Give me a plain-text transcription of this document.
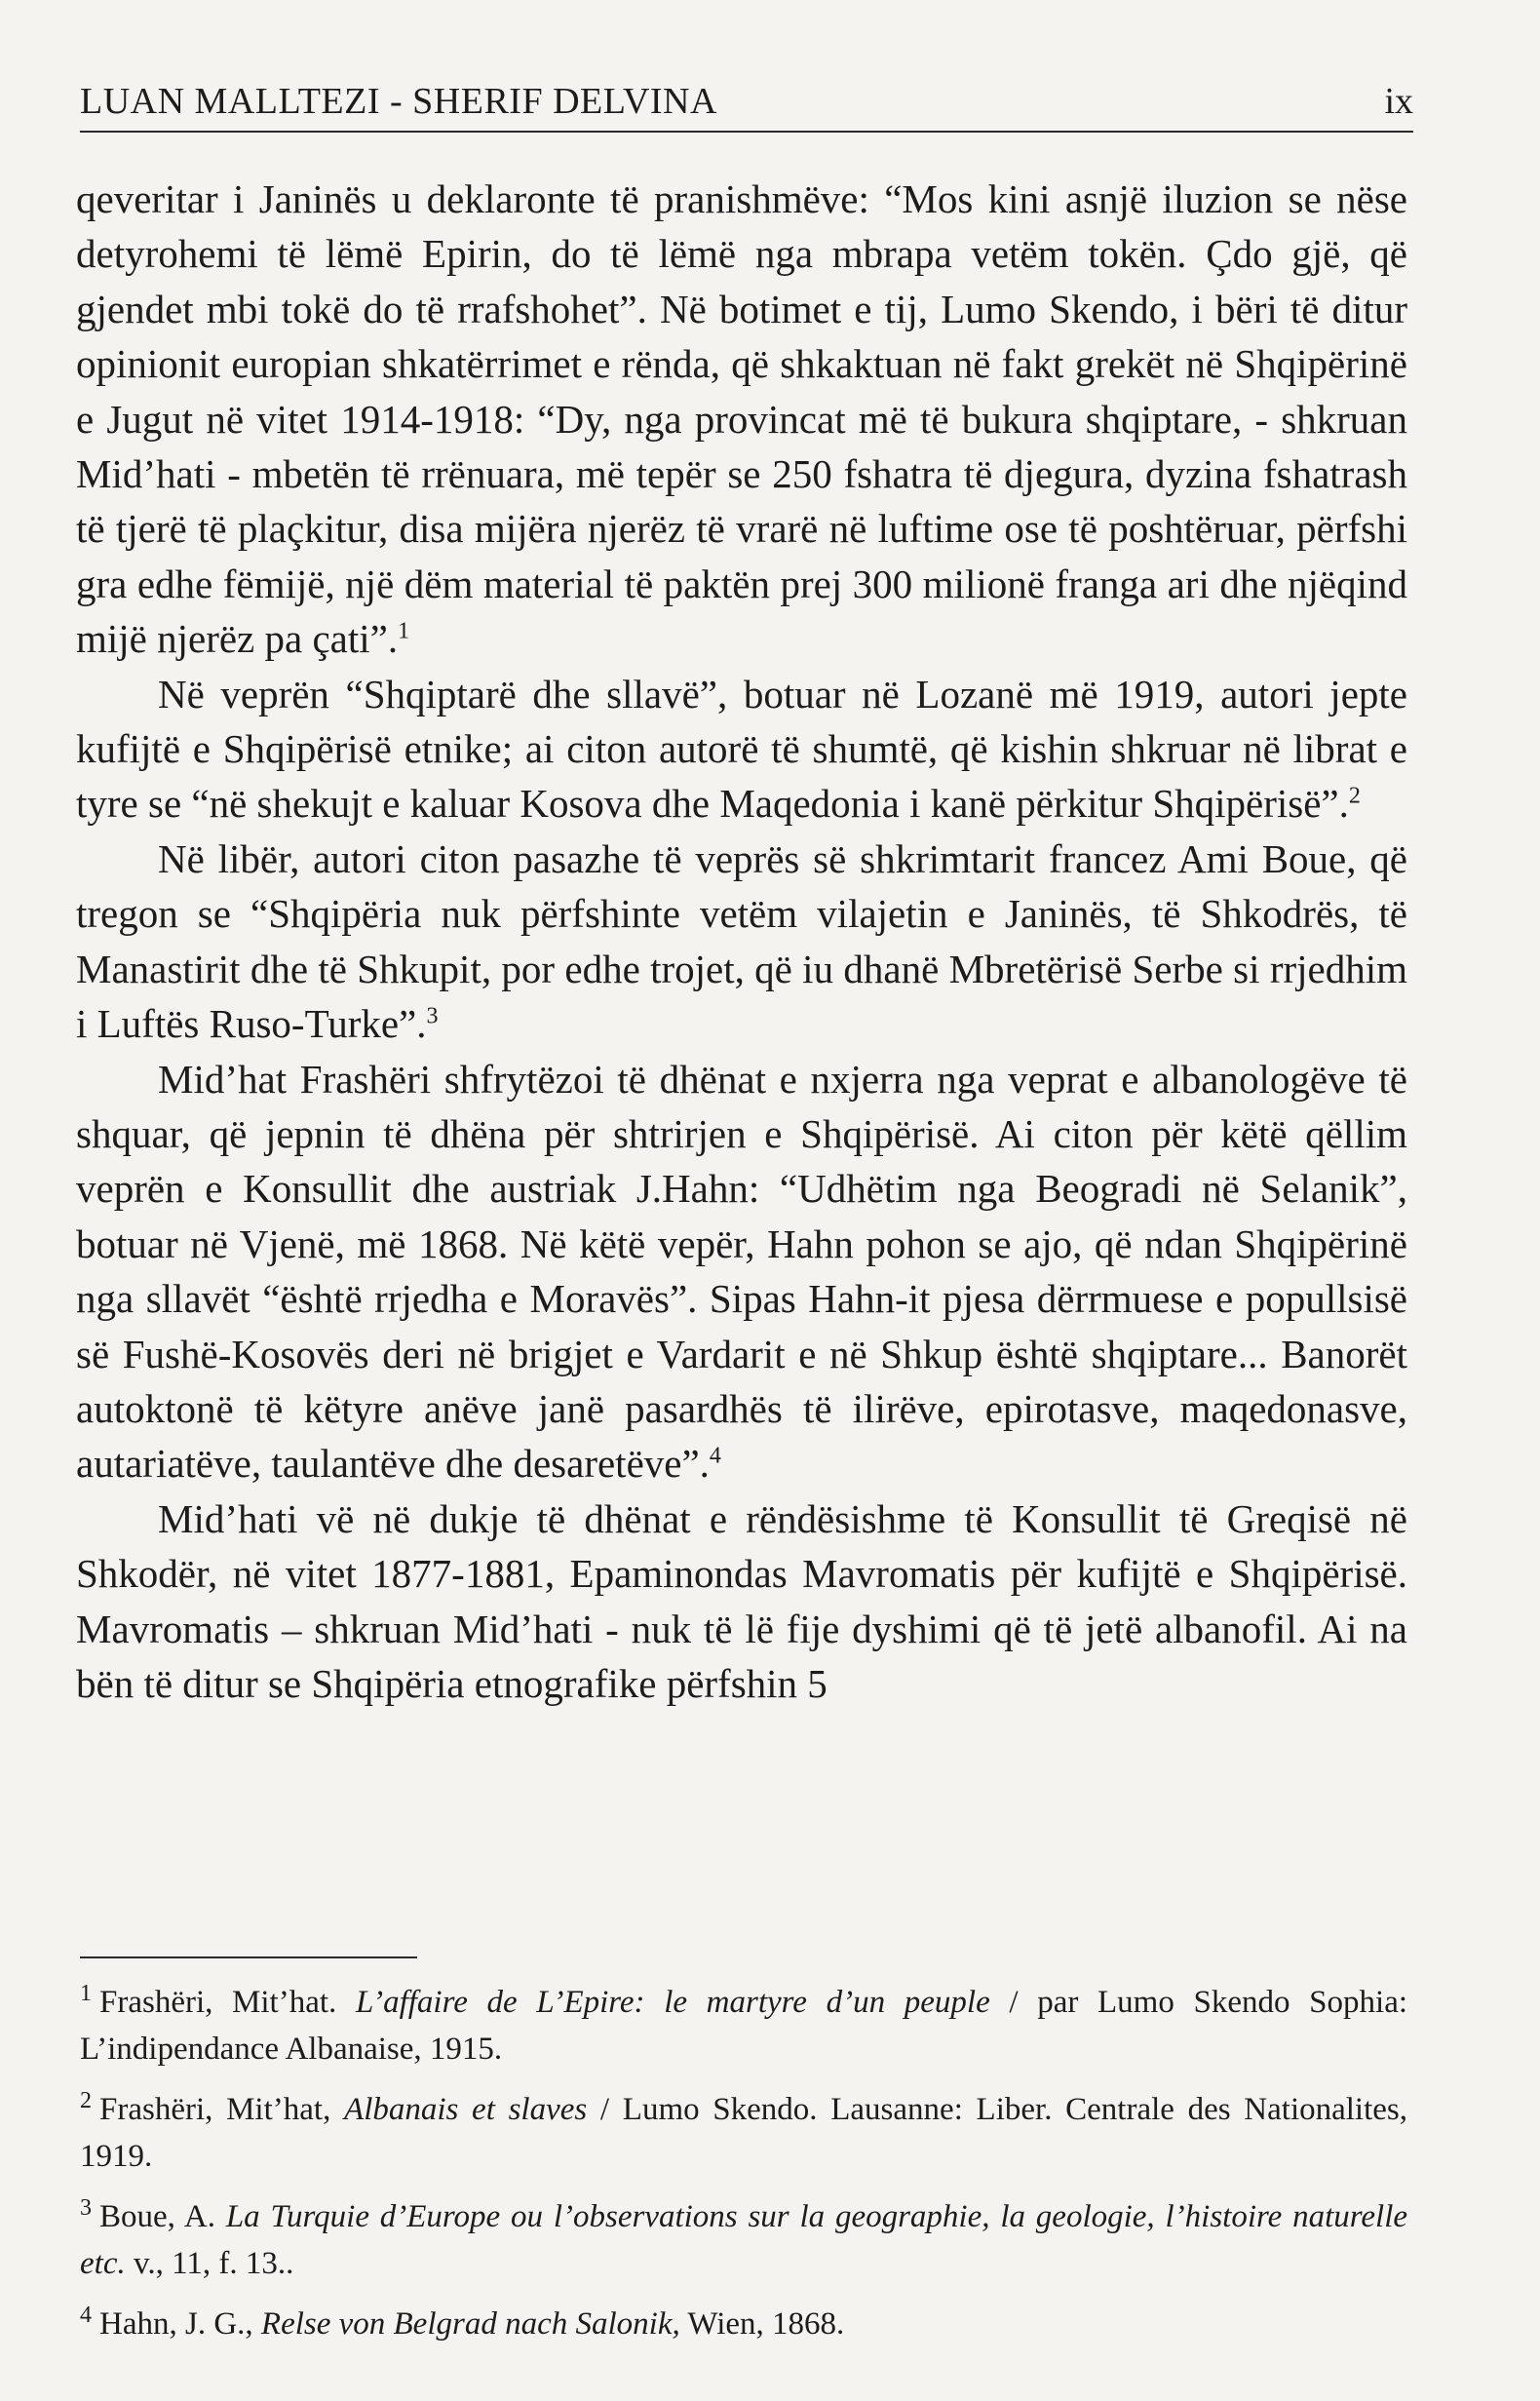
LUAN MALLTEZI - SHERIF DELVINA	ix

qeveritar i Janinës u deklaronte të pranishmëve: “Mos kini asnjë iluzion se nëse detyrohemi të lëmë Epirin, do të lëmë nga mbrapa vetëm tokën. Çdo gjë, që gjendet mbi tokë do të rrafshohet”. Në botimet e tij, Lumo Skendo, i bëri të ditur opinionit europian shkatërrimet e rënda, që shkaktuan në fakt grekët në Shqipërinë e Jugut në vitet 1914-1918: “Dy, nga provincat më të bukura shqiptare, - shkruan Mid’hati - mbetën të rrënuara, më tepër se 250 fshatra të djegura, dyzina fshatrash të tjerë të plaçkitur, disa mijëra njerëz të vrarë në luftime ose të poshtëruar, përfshi gra edhe fëmijë, një dëm material të paktën prej 300 milionë franga ari dhe njëqind mijë njerëz pa çati”.$^1$

Në veprën “Shqiptarë dhe sllavë”, botuar në Lozanë më 1919, autori jepte kufijtë e Shqipërisë etnike; ai citon autorë të shumtë, që kishin shkruar në librat e tyre se “në shekujt e kaluar Kosova dhe Maqedonia i kanë përkitur Shqipërisë”.$^2$

Në libër, autori citon pasazhe të veprës së shkrimtarit francez Ami Boue, që tregon se “Shqipëria nuk përfshinte vetëm vilajetin e Janinës, të Shkodrës, të Manastirit dhe të Shkupit, por edhe trojet, që iu dhanë Mbretërisë Serbe si rrjedhim i Luftës Ruso-Turke”.$^3$

Mid’hat Frashëri shfrytëzoi të dhënat e nxjerra nga veprat e albanologëve të shquar, që jepnin të dhëna për shtrirjen e Shqipërisë. Ai citon për këtë qëllim veprën e Konsullit dhe austriak J.Hahn: “Udhëtim nga Beogradi në Selanik”, botuar në Vjenë, më 1868. Në këtë vepër, Hahn pohon se ajo, që ndan Shqipërinë nga sllavët “është rrjedha e Moravës”. Sipas Hahn-it pjesa dërrmuese e popullsisë së Fushë-Kosovës deri në brigjet e Vardarit e në Shkup është shqiptare... Banorët autoktonë të këtyre anëve janë pasardhës të ilirëve, epirotasve, maqedonasve, autariatëve, taulantëve dhe desaretëve”.$^4$

Mid’hati vë në dukje të dhënat e rëndësishme të Konsullit të Greqisë në Shkodër, në vitet 1877-1881, Epaminondas Mavromatis për kufijtë e Shqipërisë. Mavromatis – shkruan Mid’hati - nuk të lë fije dyshimi që të jetë albanofil. Ai na bën të ditur se Shqipëria etnografike përfshin 5

$^1$ Frashëri, Mit’hat. L’affaire de L’Epire: le martyre d’un peuple / par Lumo Skendo Sophia: L’indipendance Albanaise, 1915.

$^2$ Frashëri, Mit’hat, Albanais et slaves / Lumo Skendo. Lausanne: Liber. Centrale des Nationalites, 1919.

$^3$ Boue, A. La Turquie d’Europe ou l’observations sur la geographie, la geologie, l’histoire naturelle etc. v., 11, f. 13..

$^4$ Hahn, J. G., Relse von Belgrad nach Salonik, Wien, 1868.
